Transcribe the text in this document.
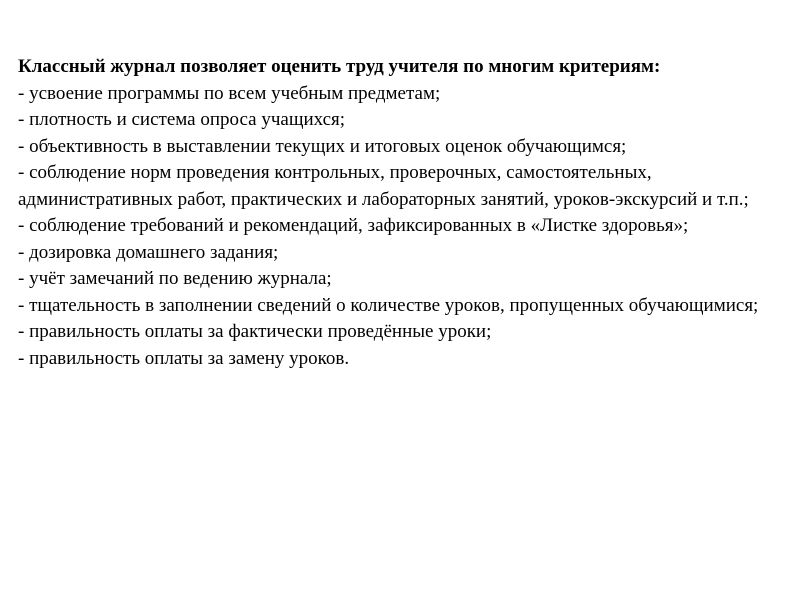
Классный журнал позволяет оценить труд учителя по многим критериям:

- усвоение программы по всем учебным предметам;
- плотность и система опроса учащихся;
- объективность в выставлении текущих и итоговых оценок обучающимся;
- соблюдение норм проведения контрольных, проверочных, самостоятельных, административных работ, практических и лабораторных занятий, уроков-экскурсий и т.п.;
- соблюдение требований и рекомендаций, зафиксированных в «Листке здоровья»;
- дозировка домашнего задания;
- учёт замечаний по ведению журнала;
- тщательность в заполнении сведений о количестве уроков, пропущенных обучающимися;
- правильность оплаты за фактически проведённые уроки;
- правильность оплаты за замену уроков.
